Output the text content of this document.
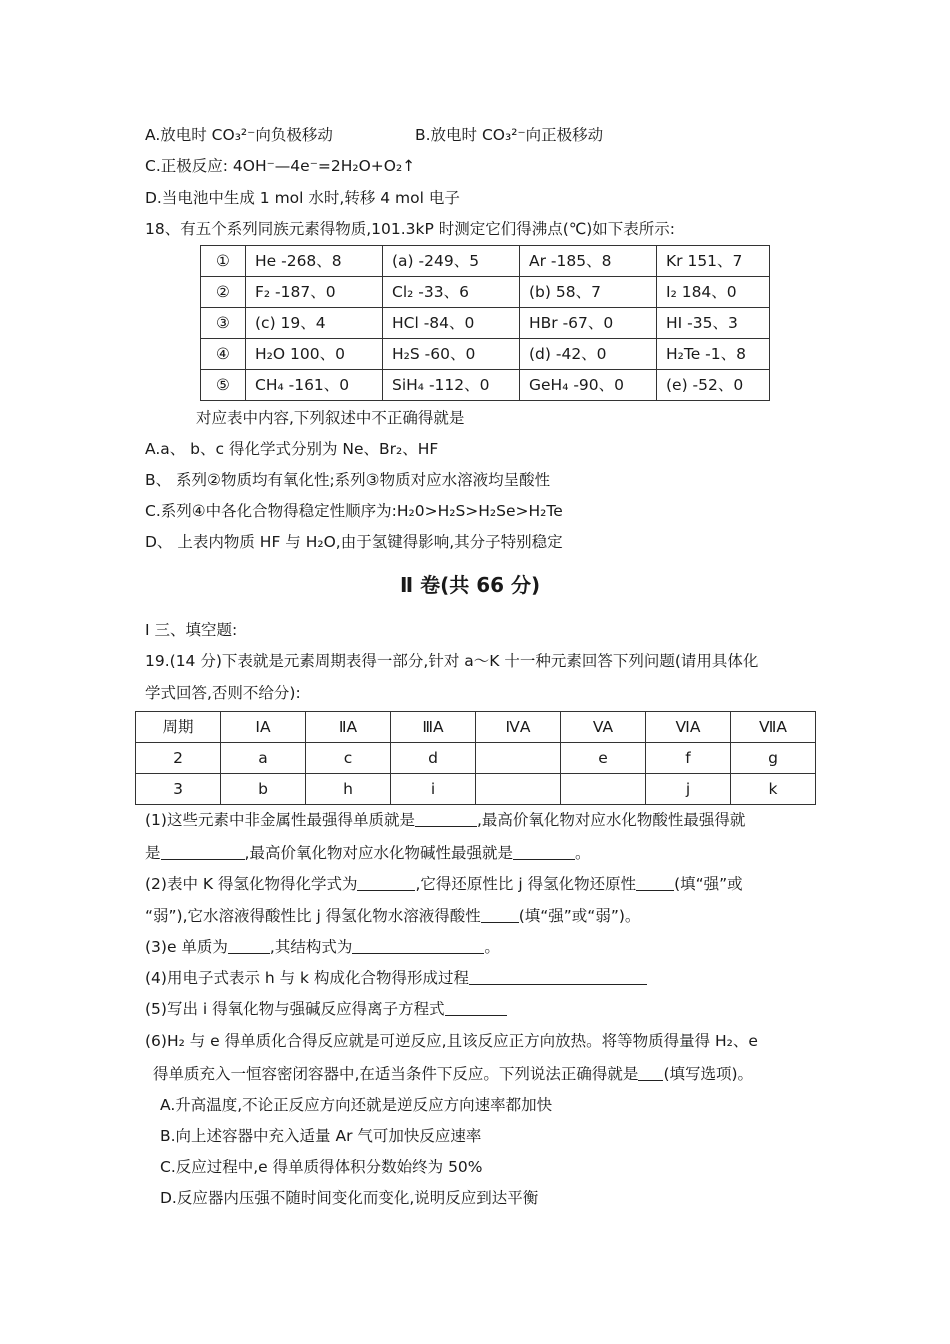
A.放电时 CO₃²⁻向负极移动	B.放电时 CO₃²⁻向正极移动
C.正极反应: 4OH⁻—4e⁻=2H₂O+O₂↑
D.当电池中生成 1 mol 水时,转移 4 mol 电子
18、有五个系列同族元素得物质,101.3kP 时测定它们得沸点(℃)如下表所示:
①	He -268、8	(a) -249、5	Ar -185、8	Kr 151、7
②	F₂ -187、0	Cl₂ -33、6	(b) 58、7	I₂ 184、0
③	(c) 19、4	HCl -84、0	HBr -67、0	HI -35、3
④	H₂O 100、0	H₂S -60、0	(d) -42、0	H₂Te -1、8
⑤	CH₄ -161、0	SiH₄ -112、0	GeH₄ -90、0	(e) -52、0
对应表中内容,下列叙述中不正确得就是
A.a、 b、c 得化学式分别为 Ne、Br₂、HF
B、 系列②物质均有氧化性;系列③物质对应水溶液均呈酸性
C.系列④中各化合物得稳定性顺序为:H₂0>H₂S>H₂Se>H₂Te
D、 上表内物质 HF 与 H₂O,由于氢键得影响,其分子特别稳定
Ⅱ 卷(共 66 分)
Ⅰ 三、填空题:
19.(14 分)下表就是元素周期表得一部分,针对 a～K 十一种元素回答下列问题(请用具体化
学式回答,否则不给分):
周期	IA	ⅡA	ⅢA	ⅣA	VA	ⅥA	ⅦA
2	a	c	d		e	f	g
3	b	h	i			j	k
(1)这些元素中非金属性最强得单质就是	,最高价氧化物对应水化物酸性最强得就
是	,最高价氧化物对应水化物碱性最强就是	。
(2)表中 K 得氢化物得化学式为	,它得还原性比 j 得氢化物还原性 (填“强”或
“弱”),它水溶液得酸性比 j 得氢化物水溶液得酸性 (填“强”或“弱”)。
(3)e 单质为	,其结构式为	。
(4)用电子式表示 h 与 k 构成化合物得形成过程
(5)写出 i 得氧化物与强碱反应得离子方程式
(6)H₂ 与 e 得单质化合得反应就是可逆反应,且该反应正方向放热。将等物质得量得 H₂、e
得单质充入一恒容密闭容器中,在适当条件下反应。下列说法正确得就是 (填写选项)。
A.升高温度,不论正反应方向还就是逆反应方向速率都加快
B.向上述容器中充入适量 Ar 气可加快反应速率
C.反应过程中,e 得单质得体积分数始终为 50%
D.反应器内压强不随时间变化而变化,说明反应到达平衡
